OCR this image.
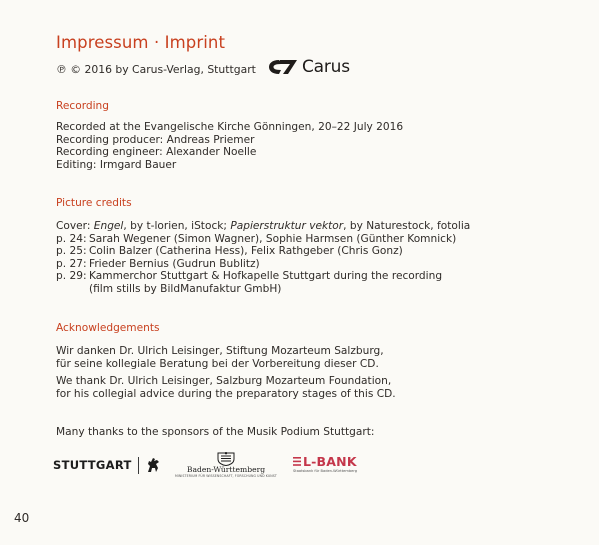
Impressum · Imprint
℗ © 2016 by Carus-Verlag, Stuttgart	Carus
Recording
Recorded at the Evangelische Kirche Gönningen, 20–22 July 2016
Recording producer: Andreas Priemer
Recording engineer: Alexander Noelle
Editing: Irmgard Bauer
Picture credits
Cover: Engel, by t-lorien, iStock; Papierstruktur vektor, by Naturestock, fotolia
p. 24: Sarah Wegener (Simon Wagner), Sophie Harmsen (Günther Komnick)
p. 25: Colin Balzer (Catherina Hess), Felix Rathgeber (Chris Gonz)
p. 27: Frieder Bernius (Gudrun Bublitz)
p. 29: Kammerchor Stuttgart & Hofkapelle Stuttgart during the recording
(film stills by BildManufaktur GmbH)
Acknowledgements
Wir danken Dr. Ulrich Leisinger, Stiftung Mozarteum Salzburg,
für seine kollegiale Beratung bei der Vorbereitung dieser CD.
We thank Dr. Ulrich Leisinger, Salzburg Mozarteum Foundation,
for his collegial advice during the preparatory stages of this CD.
Many thanks to the sponsors of the Musik Podium Stuttgart:
STUTTGART	Baden-Württemberg
MINISTERIUM FÜR WISSENSCHAFT, FORSCHUNG UND KUNST
L-BANK
Staatsbank für Baden-Württemberg
40
